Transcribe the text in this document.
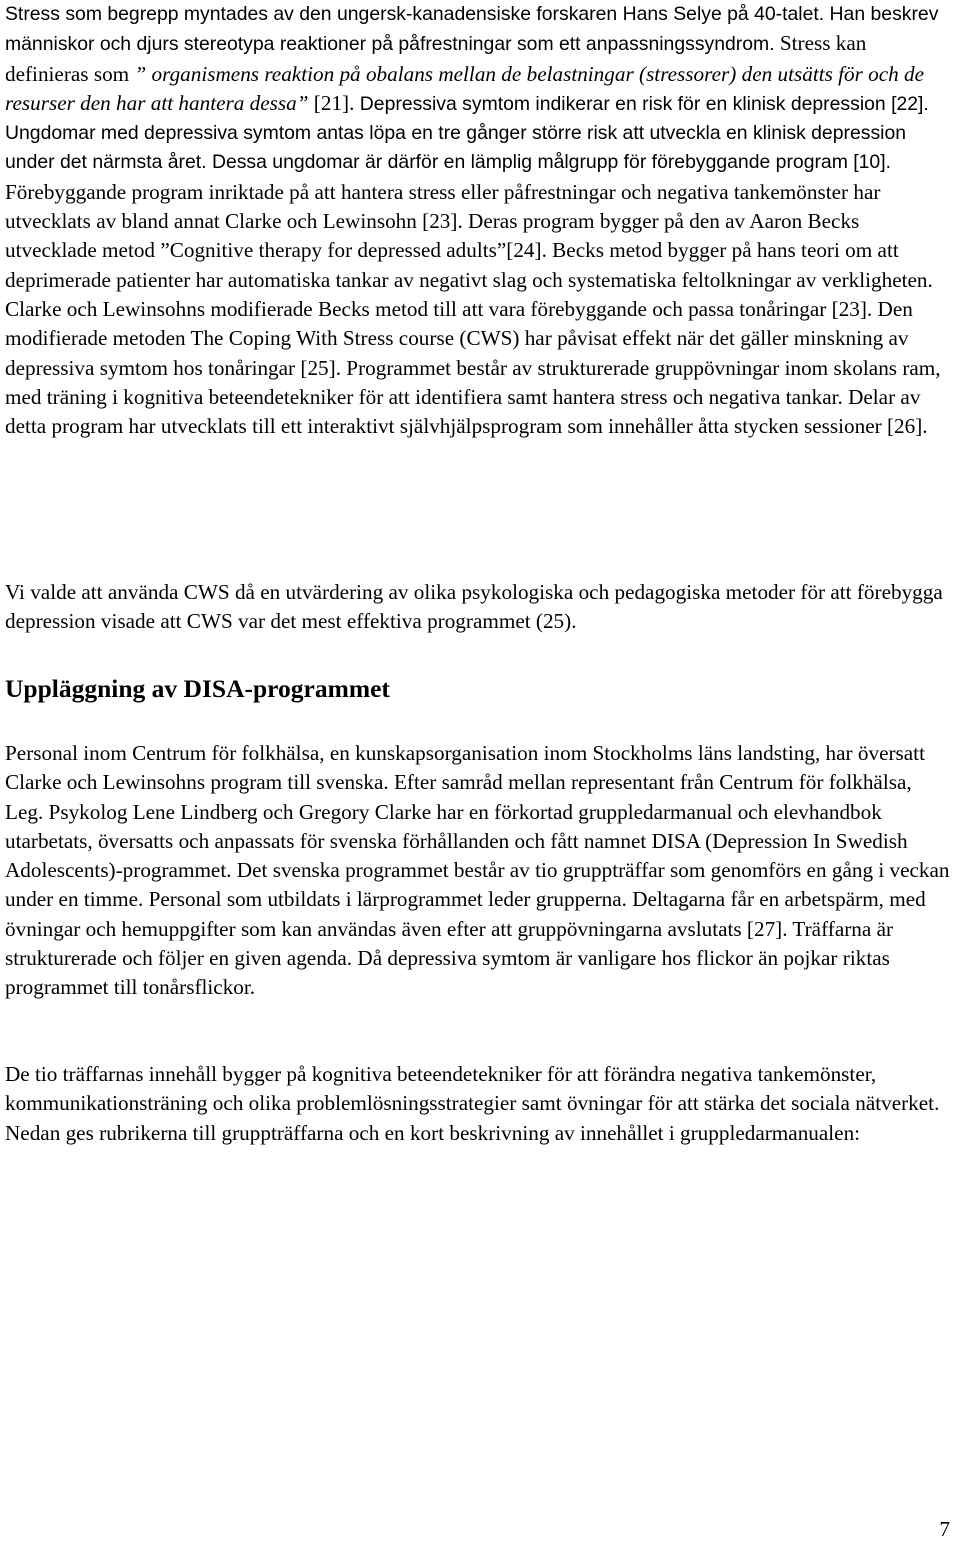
Stress som begrepp myntades av den ungersk-kanadensiske forskaren Hans Selye på 40-talet. Han beskrev människor och djurs stereotypa reaktioner på påfrestningar som ett anpassningssyndrom. Stress kan definieras som ” organismens reaktion på obalans mellan de belastningar (stressorer) den utsätts för och de resurser den har att hantera dessa” [21]. Depressiva symtom indikerar en risk för en klinisk depression [22]. Ungdomar med depressiva symtom antas löpa en tre gånger större risk att utveckla en klinisk depression under det närmsta året. Dessa ungdomar är därför en lämplig målgrupp för förebyggande program [10].
Förebyggande program inriktade på att hantera stress eller påfrestningar och negativa tankemönster har utvecklats av bland annat Clarke och Lewinsohn [23]. Deras program bygger på den av Aaron Becks utvecklade metod ”Cognitive therapy for depressed adults”[24]. Becks metod bygger på hans teori om att deprimerade patienter har automatiska tankar av negativt slag och systematiska feltolkningar av verkligheten. Clarke och Lewinsohns modifierade Becks metod till att vara förebyggande och passa tonåringar [23]. Den modifierade metoden The Coping With Stress course (CWS) har påvisat effekt när det gäller minskning av depressiva symtom hos tonåringar [25]. Programmet består av strukturerade gruppövningar inom skolans ram, med träning i kognitiva beteendetekniker för att identifiera samt hantera stress och negativa tankar. Delar av detta program har utvecklats till ett interaktivt självhjälpsprogram som innehåller åtta stycken sessioner [26].

Vi valde att använda CWS då en utvärdering av olika psykologiska och pedagogiska metoder för att förebygga depression visade att CWS var det mest effektiva programmet (25).

Uppläggning av DISA-programmet

Personal inom Centrum för folkhälsa, en kunskapsorganisation inom Stockholms läns landsting, har översatt Clarke och Lewinsohns program till svenska. Efter samråd mellan representant från Centrum för folkhälsa, Leg. Psykolog Lene Lindberg och Gregory Clarke har en förkortad gruppledarmanual och elevhandbok utarbetats, översatts och anpassats för svenska förhållanden och fått namnet DISA (Depression In Swedish Adolescents)-programmet. Det svenska programmet består av tio gruppträffar som genomförs en gång i veckan under en timme. Personal som utbildats i lärprogrammet leder grupperna. Deltagarna får en arbetspärm, med övningar och hemuppgifter som kan användas även efter att gruppövningarna avslutats [27]. Träffarna är strukturerade och följer en given agenda. Då depressiva symtom är vanligare hos flickor än pojkar riktas programmet till tonårsflickor.

De tio träffarnas innehåll bygger på kognitiva beteendetekniker för att förändra negativa tankemönster, kommunikationsträning och olika problemlösningsstrategier samt övningar för att stärka det sociala nätverket. Nedan ges rubrikerna till gruppträffarna och en kort beskrivning av innehållet i gruppledarmanualen:

7
